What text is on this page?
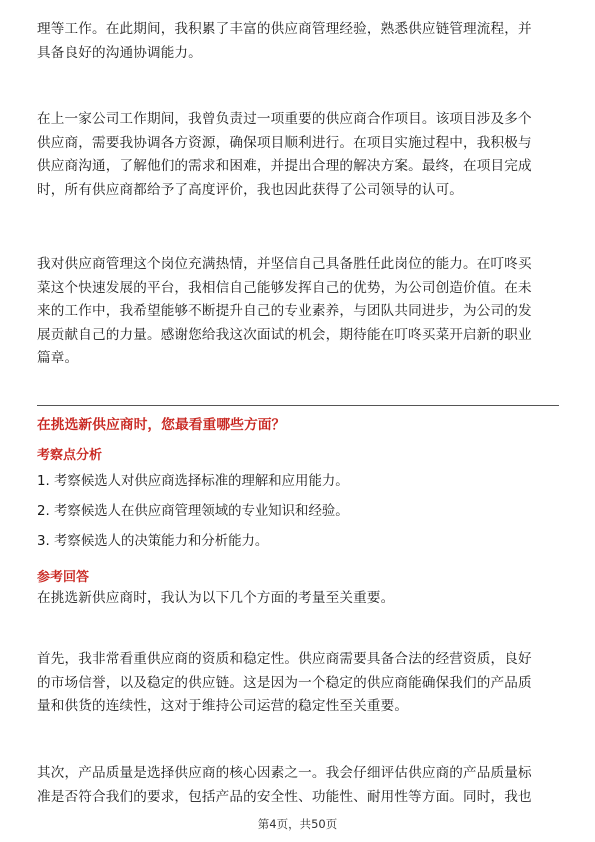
理等工作。在此期间，我积累了丰富的供应商管理经验，熟悉供应链管理流程，并
具备良好的沟通协调能力。

在上一家公司工作期间，我曾负责过一项重要的供应商合作项目。该项目涉及多个
供应商，需要我协调各方资源，确保项目顺利进行。在项目实施过程中，我积极与
供应商沟通，了解他们的需求和困难，并提出合理的解决方案。最终，在项目完成
时，所有供应商都给予了高度评价，我也因此获得了公司领导的认可。

我对供应商管理这个岗位充满热情，并坚信自己具备胜任此岗位的能力。在叮咚买
菜这个快速发展的平台，我相信自己能够发挥自己的优势，为公司创造价值。在未
来的工作中，我希望能够不断提升自己的专业素养，与团队共同进步，为公司的发
展贡献自己的力量。感谢您给我这次面试的机会，期待能在叮咚买菜开启新的职业
篇章。

在挑选新供应商时，您最看重哪些方面？
考察点分析
1. 考察候选人对供应商选择标准的理解和应用能力。
2. 考察候选人在供应商管理领域的专业知识和经验。
3. 考察候选人的决策能力和分析能力。
参考回答

在挑选新供应商时，我认为以下几个方面的考量至关重要。

首先，我非常看重供应商的资质和稳定性。供应商需要具备合法的经营资质，良好
的市场信誉，以及稳定的供应链。这是因为一个稳定的供应商能确保我们的产品质
量和供货的连续性，这对于维持公司运营的稳定性至关重要。

其次，产品质量是选择供应商的核心因素之一。我会仔细评估供应商的产品质量标
准是否符合我们的要求，包括产品的安全性、功能性、耐用性等方面。同时，我也

第4页，共50页
